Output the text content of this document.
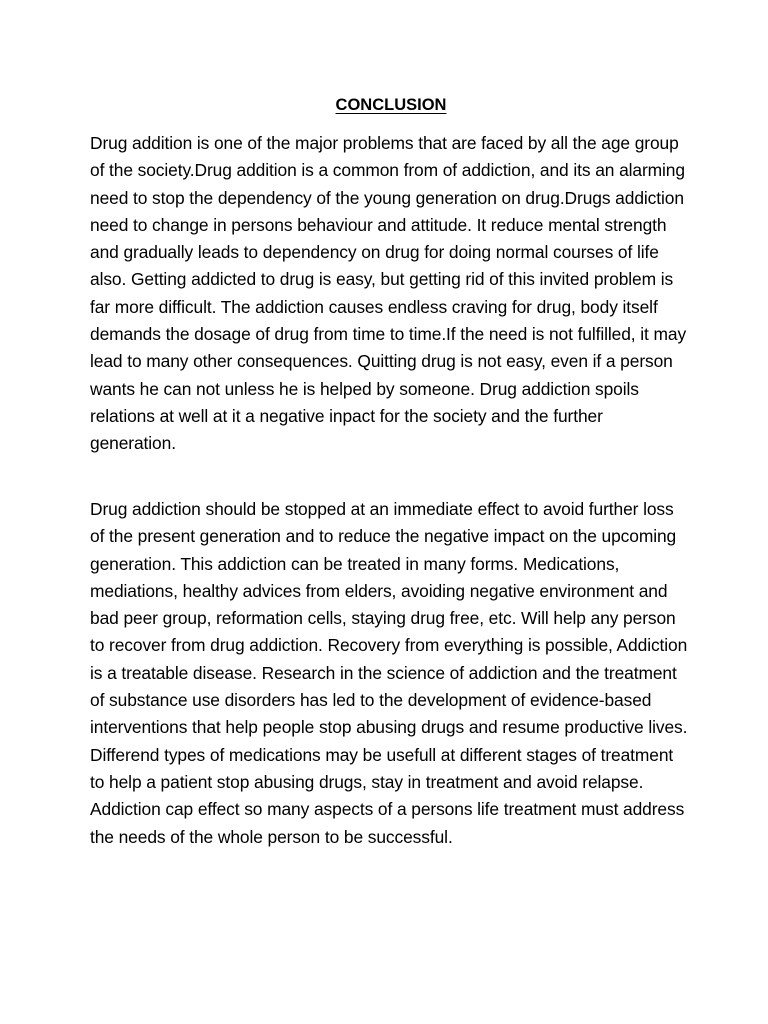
CONCLUSION

Drug addition is one of the major problems that are faced by all the age group of the society.Drug addition is a common from of addiction, and its an alarming need to stop the dependency of the young generation on drug.Drugs addiction need to change in persons behaviour and attitude. It reduce mental strength and gradually leads to dependency on drug for doing normal courses of life also. Getting addicted to drug is easy, but getting rid of this invited problem is far more difficult. The addiction causes endless craving for drug, body itself demands the dosage of drug from time to time.If the need is not fulfilled, it may lead to many other consequences. Quitting drug is not easy, even if a person wants he can not unless he is helped by someone. Drug addiction spoils relations at well at it a negative inpact for the society and the further generation.

Drug addiction should be stopped at an immediate effect to avoid further loss of the present generation and to reduce the negative impact on the upcoming generation. This addiction can be treated in many forms. Medications, mediations, healthy advices from elders, avoiding negative environment and bad peer group, reformation cells, staying drug free, etc. Will help any person to recover from drug addiction. Recovery from everything is possible, Addiction is a treatable disease. Research in the science of addiction and the treatment of substance use disorders has led to the development of evidence-based interventions that help people stop abusing drugs and resume productive lives. Differend types of medications may be usefull at different stages of treatment to help a patient stop abusing drugs, stay in treatment and avoid relapse. Addiction cap effect so many aspects of a persons life treatment must address the needs of the whole person to be successful.
